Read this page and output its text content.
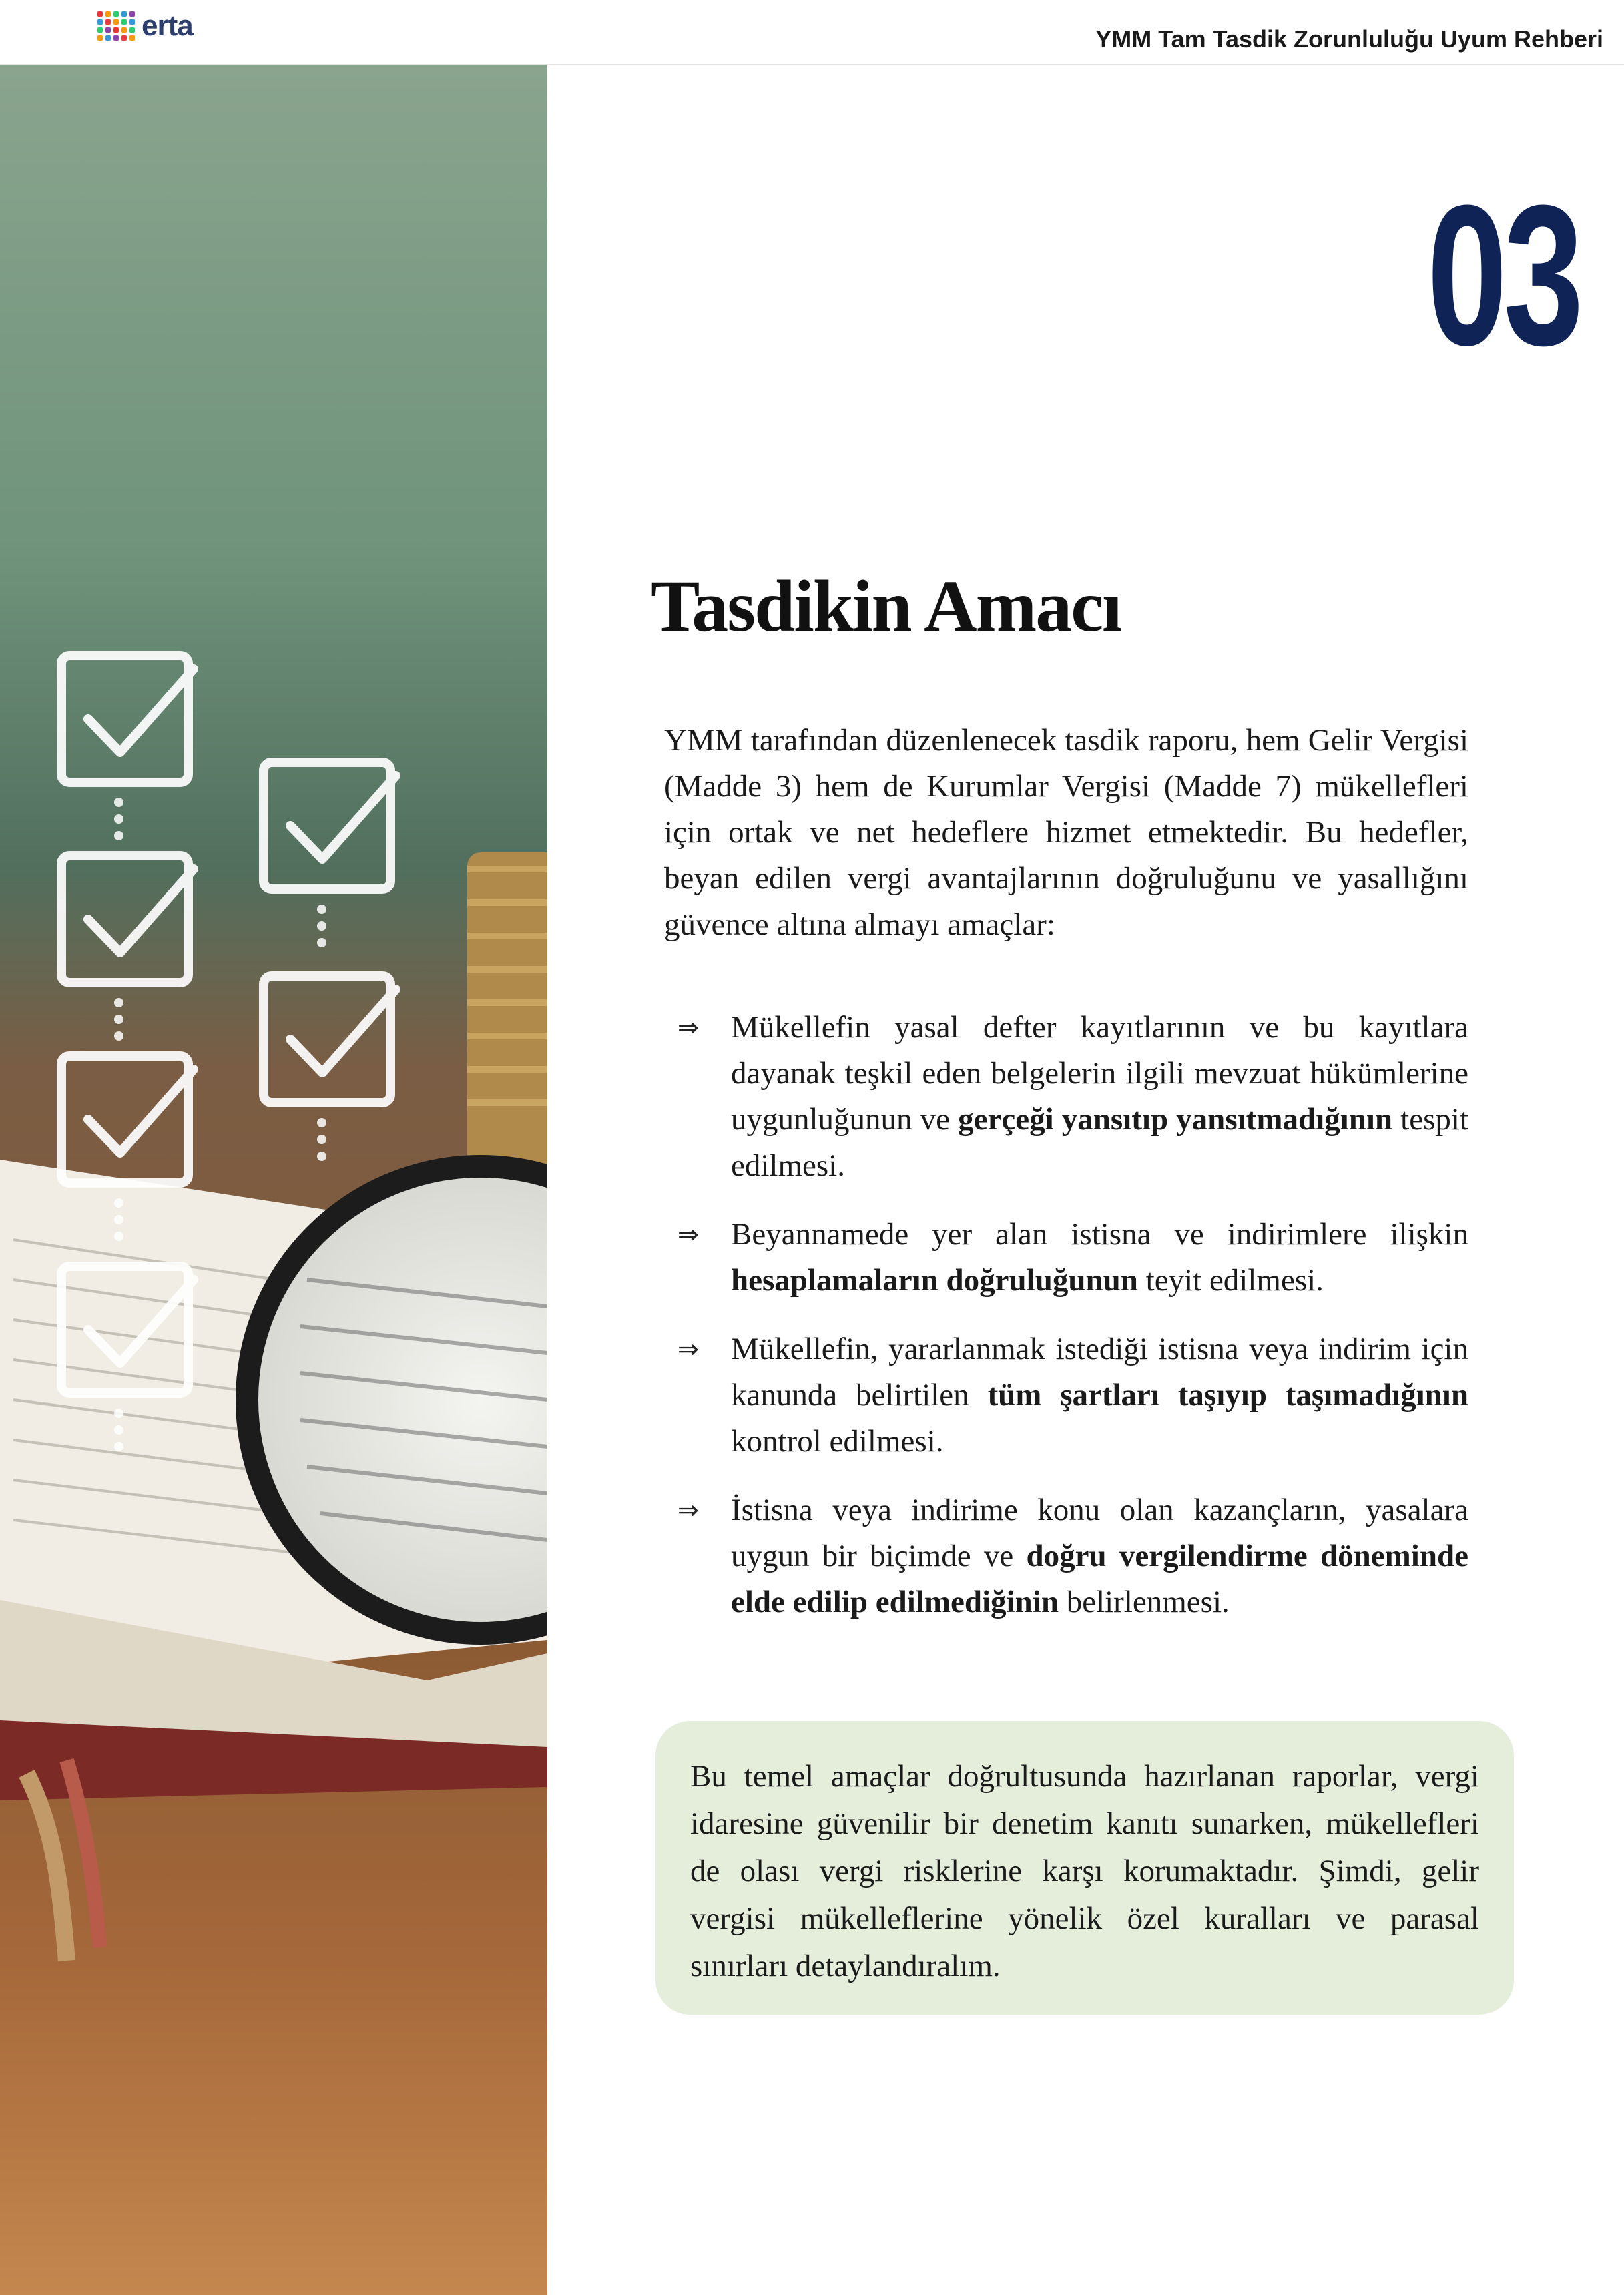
erta	YMM Tam Tasdik Zorunluluğu Uyum Rehberi
03
Tasdikin Amacı

YMM tarafından düzenlenecek tasdik raporu, hem Gelir Vergisi (Madde 3) hem de Kurumlar Vergisi (Madde 7) mükellefleri için ortak ve net hedeflere hizmet etmektedir. Bu hedefler, beyan edilen vergi avantajlarının doğruluğunu ve yasallığını güvence altına almayı amaçlar:

⇒ Mükellefin yasal defter kayıtlarının ve bu kayıtlara dayanak teşkil eden belgelerin ilgili mevzuat hükümlerine uygunluğunun ve gerçeği yansıtıp yansıtmadığının tespit edilmesi.
⇒ Beyannamede yer alan istisna ve indirimlere ilişkin hesaplamaların doğruluğunun teyit edilmesi.
⇒ Mükellefin, yararlanmak istediği istisna veya indirim için kanunda belirtilen tüm şartları taşıyıp taşımadığının kontrol edilmesi.
⇒ İstisna veya indirime konu olan kazançların, yasalara uygun bir biçimde ve doğru vergilendirme döneminde elde edilip edilmediğinin belirlenmesi.
Bu temel amaçlar doğrultusunda hazırlanan raporlar, vergi idaresine güvenilir bir denetim kanıtı sunarken, mükellefleri de olası vergi risklerine karşı korumaktadır. Şimdi, gelir vergisi mükelleflerine yönelik özel kuralları ve parasal sınırları detaylandıralım.
